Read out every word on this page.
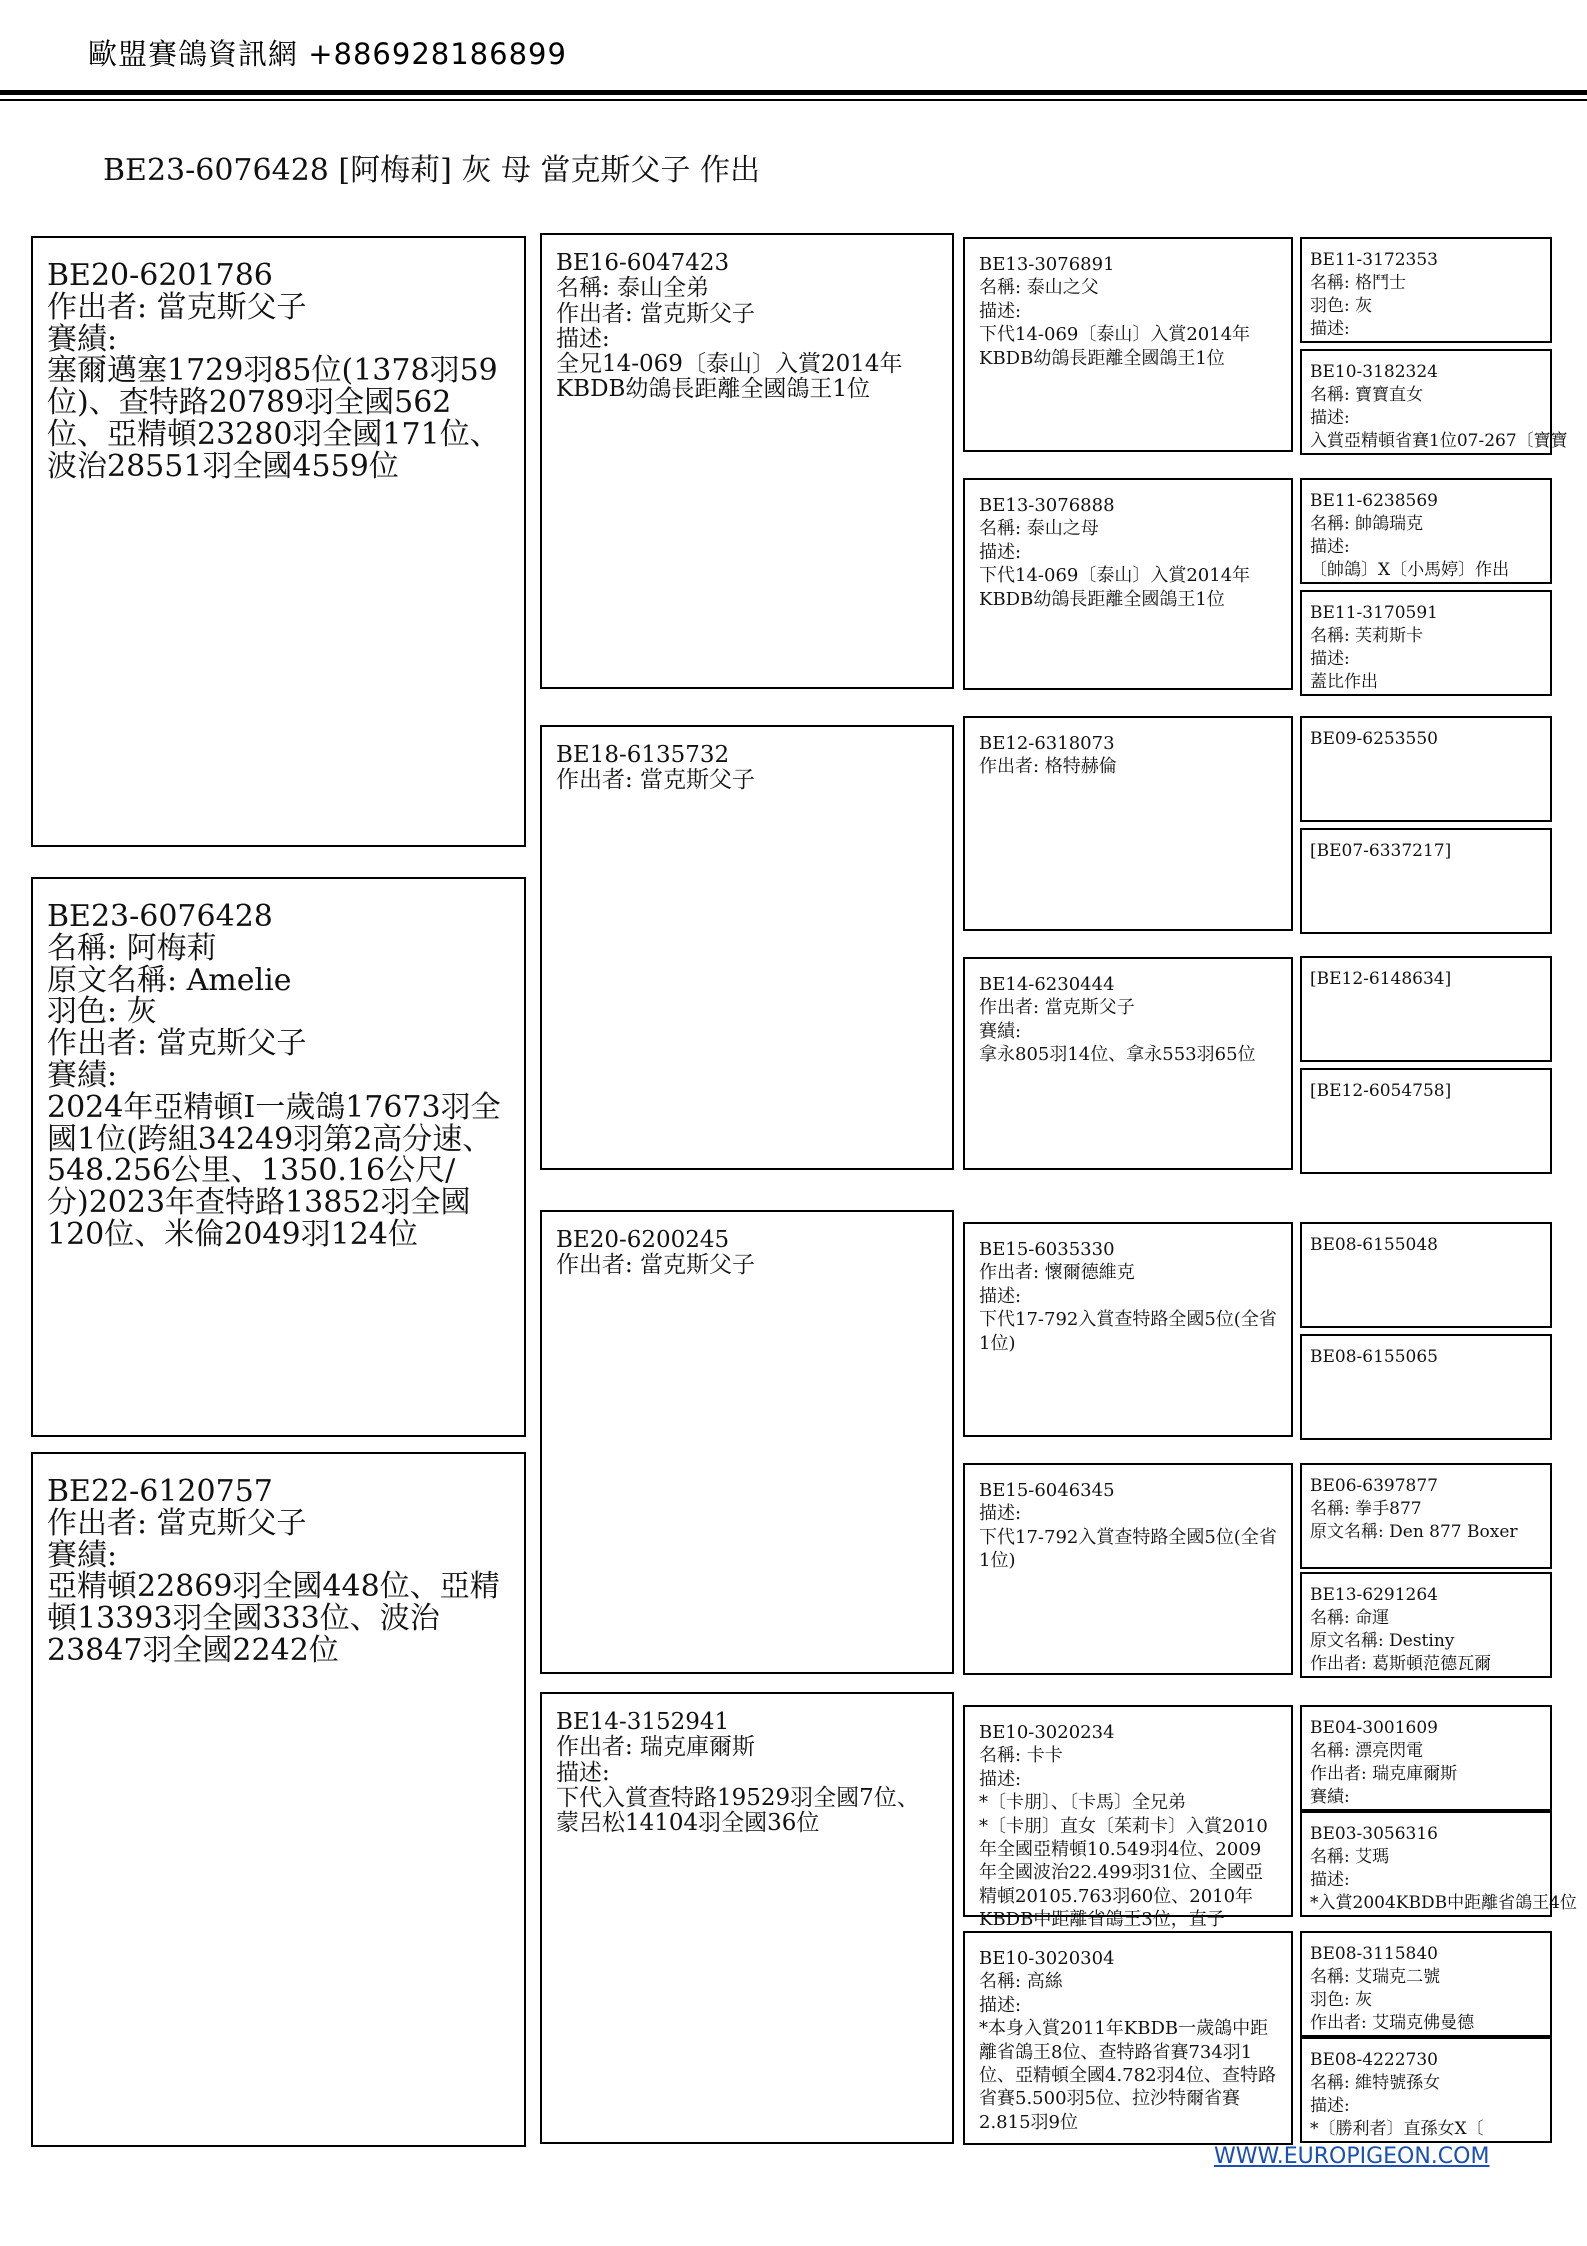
歐盟賽鴿資訊網 +886928186899
BE23-6076428 [阿梅莉] 灰 母 當克斯父子 作出
EURO PIGEON
BE20-6201786
作出者: 當克斯父子
賽績:
塞爾邁塞1729羽85位(1378羽59位)、查特路20789羽全國562位、亞精頓23280羽全國171位、波治28551羽全國4559位
BE23-6076428
名稱: 阿梅莉
原文名稱: Amelie
羽色: 灰
作出者: 當克斯父子
賽績:
2024年亞精頓I一歲鴿17673羽全國1位(跨組34249羽第2高分速、548.256公里、1350.16公尺/分)2023年查特路13852羽全國120位、米倫2049羽124位
BE22-6120757
作出者: 當克斯父子
賽績:
亞精頓22869羽全國448位、亞精頓13393羽全國333位、波治23847羽全國2242位
BE16-6047423
名稱: 泰山全弟
作出者: 當克斯父子
描述:
全兄14-069〔泰山〕入賞2014年KBDB幼鴿長距離全國鴿王1位
BE18-6135732
作出者: 當克斯父子
BE20-6200245
作出者: 當克斯父子
BE14-3152941
作出者: 瑞克庫爾斯
描述:
下代入賞查特路19529羽全國7位、蒙呂松14104羽全國36位
BE13-3076891
名稱: 泰山之父
描述:
下代14-069〔泰山〕入賞2014年KBDB幼鴿長距離全國鴿王1位
BE13-3076888
名稱: 泰山之母
描述:
下代14-069〔泰山〕入賞2014年KBDB幼鴿長距離全國鴿王1位
BE12-6318073
作出者: 格特赫倫
BE14-6230444
作出者: 當克斯父子
賽績:
拿永805羽14位、拿永553羽65位
BE15-6035330
作出者: 懷爾德維克
描述:
下代17-792入賞查特路全國5位(全省1位)
BE15-6046345
描述:
下代17-792入賞查特路全國5位(全省1位)
BE10-3020234
名稱: 卡卡
描述:
*〔卡朋〕、〔卡馬〕全兄弟
*〔卡朋〕直女〔茱莉卡〕入賞2010年全國亞精頓10.549羽4位、2009年全國波治22.499羽31位、全國亞精頓20105.763羽60位、2010年KBDB中距離省鴿王3位，直子
BE10-3020304
名稱: 高絲
描述:
*本身入賞2011年KBDB一歲鴿中距離省鴿王8位、查特路省賽734羽1位、亞精頓全國4.782羽4位、查特路省賽5.500羽5位、拉沙特爾省賽2.815羽9位
BE11-3172353
名稱: 格鬥士
羽色: 灰
描述:
BE10-3182324
名稱: 寶寶直女
描述:
入賞亞精頓省賽1位07-267〔寶寶
BE11-6238569
名稱: 帥鴿瑞克
描述:
〔帥鴿〕X〔小馬婷〕作出
BE11-3170591
名稱: 芙莉斯卡
描述:
蓋比作出
BE09-6253550
[BE07-6337217]
[BE12-6148634]
[BE12-6054758]
BE08-6155048
BE08-6155065
BE06-6397877
名稱: 拳手877
原文名稱: Den 877 Boxer
BE13-6291264
名稱: 命運
原文名稱: Destiny
作出者: 葛斯頓范德瓦爾
BE04-3001609
名稱: 漂亮閃電
作出者: 瑞克庫爾斯
賽績:
BE03-3056316
名稱: 艾瑪
描述:
*入賞2004KBDB中距離省鴿王4位
BE08-3115840
名稱: 艾瑞克二號
羽色: 灰
作出者: 艾瑞克佛曼德
BE08-4222730
名稱: 維特號孫女
描述:
*〔勝利者〕直孫女X〔
WWW.EUROPIGEON.COM
